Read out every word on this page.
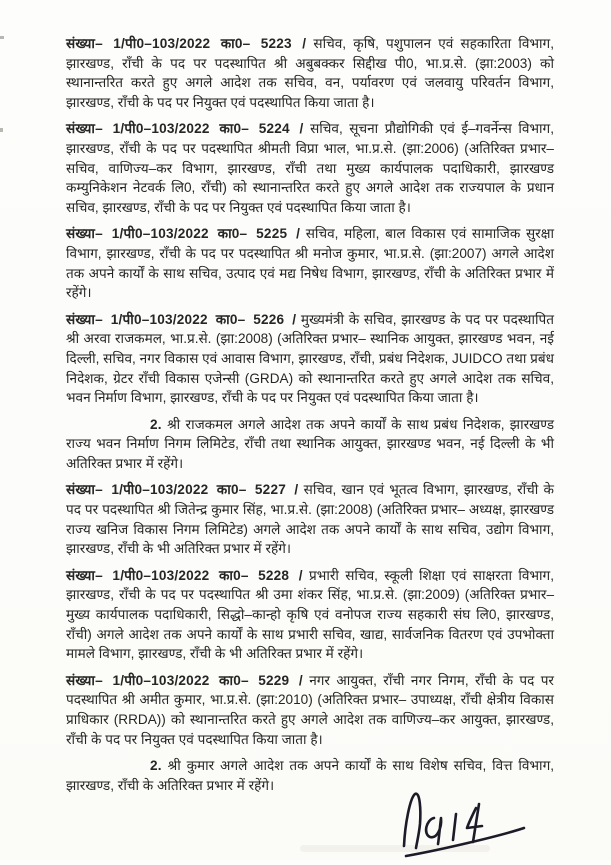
संख्या– 1/पी0–103/2022 का0– 5223 / सचिव, कृषि, पशुपालन एवं सहकारिता विभाग, झारखण्ड, राँची के पद पर पदस्थापित श्री अबुबक्कर सिद्दीख पी0, भा.प्र.से. (झा:2003) को स्थानान्तरित करते हुए अगले आदेश तक सचिव, वन, पर्यावरण एवं जलवायु परिवर्तन विभाग, झारखण्ड, राँची के पद पर नियुक्त एवं पदस्थापित किया जाता है।

संख्या– 1/पी0–103/2022 का0– 5224 / सचिव, सूचना प्रौद्योगिकी एवं ई–गवर्नेन्स विभाग, झारखण्ड, राँची के पद पर पदस्थापित श्रीमती विप्रा भाल, भा.प्र.से. (झा:2006) (अतिरिक्त प्रभार– सचिव, वाणिज्य–कर विभाग, झारखण्ड, राँची तथा मुख्य कार्यपालक पदाधिकारी, झारखण्ड कम्युनिकेशन नेटवर्क लि0, राँची) को स्थानान्तरित करते हुए अगले आदेश तक राज्यपाल के प्रधान सचिव, झारखण्ड, राँची के पद पर नियुक्त एवं पदस्थापित किया जाता है।

संख्या– 1/पी0–103/2022 का0– 5225 / सचिव, महिला, बाल विकास एवं सामाजिक सुरक्षा विभाग, झारखण्ड, राँची के पद पर पदस्थापित श्री मनोज कुमार, भा.प्र.से. (झा:2007) अगले आदेश तक अपने कार्यों के साथ सचिव, उत्पाद एवं मद्य निषेध विभाग, झारखण्ड, राँची के अतिरिक्त प्रभार में रहेंगे।

संख्या– 1/पी0–103/2022 का0– 5226 / मुख्यमंत्री के सचिव, झारखण्ड के पद पर पदस्थापित श्री अरवा राजकमल, भा.प्र.से. (झा:2008) (अतिरिक्त प्रभार– स्थानिक आयुक्त, झारखण्ड भवन, नई दिल्ली, सचिव, नगर विकास एवं आवास विभाग, झारखण्ड, राँची, प्रबंध निदेशक, JUIDCO तथा प्रबंध निदेशक, ग्रेटर राँची विकास एजेन्सी (GRDA) को स्थानान्तरित करते हुए अगले आदेश तक सचिव, भवन निर्माण विभाग, झारखण्ड, राँची के पद पर नियुक्त एवं पदस्थापित किया जाता है।

2. श्री राजकमल अगले आदेश तक अपने कार्यों के साथ प्रबंध निदेशक, झारखण्ड राज्य भवन निर्माण निगम लिमिटेड, राँची तथा स्थानिक आयुक्त, झारखण्ड भवन, नई दिल्ली के भी अतिरिक्त प्रभार में रहेंगे।

संख्या– 1/पी0–103/2022 का0– 5227 / सचिव, खान एवं भूतत्व विभाग, झारखण्ड, राँची के पद पर पदस्थापित श्री जितेन्द्र कुमार सिंह, भा.प्र.से. (झा:2008) (अतिरिक्त प्रभार– अध्यक्ष, झारखण्ड राज्य खनिज विकास निगम लिमिटेड) अगले आदेश तक अपने कार्यों के साथ सचिव, उद्योग विभाग, झारखण्ड, राँची के भी अतिरिक्त प्रभार में रहेंगे।

संख्या– 1/पी0–103/2022 का0– 5228 / प्रभारी सचिव, स्कूली शिक्षा एवं साक्षरता विभाग, झारखण्ड, राँची के पद पर पदस्थापित श्री उमा शंकर सिंह, भा.प्र.से. (झा:2009) (अतिरिक्त प्रभार– मुख्य कार्यपालक पदाधिकारी, सिद्धो–कान्हो कृषि एवं वनोपज राज्य सहकारी संघ लि0, झारखण्ड, राँची) अगले आदेश तक अपने कार्यों के साथ प्रभारी सचिव, खाद्य, सार्वजनिक वितरण एवं उपभोक्ता मामले विभाग, झारखण्ड, राँची के भी अतिरिक्त प्रभार में रहेंगे।

संख्या– 1/पी0–103/2022 का0– 5229 / नगर आयुक्त, राँची नगर निगम, राँची के पद पर पदस्थापित श्री अमीत कुमार, भा.प्र.से. (झा:2010) (अतिरिक्त प्रभार– उपाध्यक्ष, राँची क्षेत्रीय विकास प्राधिकार (RRDA)) को स्थानान्तरित करते हुए अगले आदेश तक वाणिज्य–कर आयुक्त, झारखण्ड, राँची के पद पर नियुक्त एवं पदस्थापित किया जाता है।

2. श्री कुमार अगले आदेश तक अपने कार्यों के साथ विशेष सचिव, वित्त विभाग, झारखण्ड, राँची के अतिरिक्त प्रभार में रहेंगे।
